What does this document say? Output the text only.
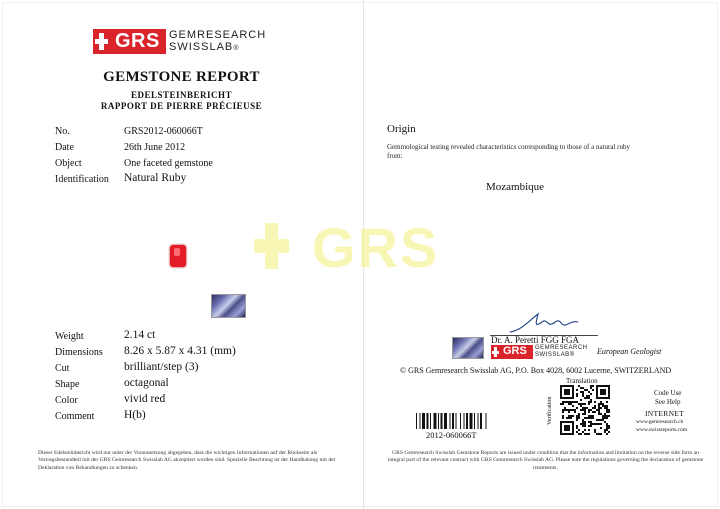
GRS
GRS GEMRESEARCH
SWISSLAB®
GEMSTONE REPORT
EDELSTEINBERICHT
RAPPORT DE PIERRE PRÉCIEUSE
No.	GRS2012-060066T
Date	26th June 2012
Object	One faceted gemstone
Identification Natural Ruby
Weight	2.14 ct
Dimensions 8.26 x 5.87 x 4.31 (mm)
Cut	brilliant/step (3)
Shape	octagonal
Color	vivid red
Comment	H(b)
Dieser Edelsteinbericht wird nur unter der Voraussetzung abgegeben, dass die wichtigen Informationen auf der Rückseite als Vertragsbestandteil mit der GRS Gemresearch Swisslab AG akzeptiert worden sind. Spezielle Beachtung ist der Handhabung mit der Deklaration von Behandlungen zu schenken.
Origin
Gemmological testing revealed characteristics corresponding to those of a natural ruby from:
Mozambique
Dr. A. Peretti FGG FGA
GRS GEMRESEARCH
SWISSLAB®	European Geologist
© GRS Gemresearch Swisslab AG, P.O. Box 4028, 6002 Lucerne, SWITZERLAND
2012-060066T
Translation
Verification
Code Use
See Help
INTERNET
www.gemresearch.ch
www.swissreports.com
GRS Gemresearch Swisslab Gemstone Reports are issued under condition that the information and limitation on the reverse side form an integral part of the relevant contract with GRS Gemresearch Swisslab AG. Please note the regulations governing the declaration of gemstone treatments.
